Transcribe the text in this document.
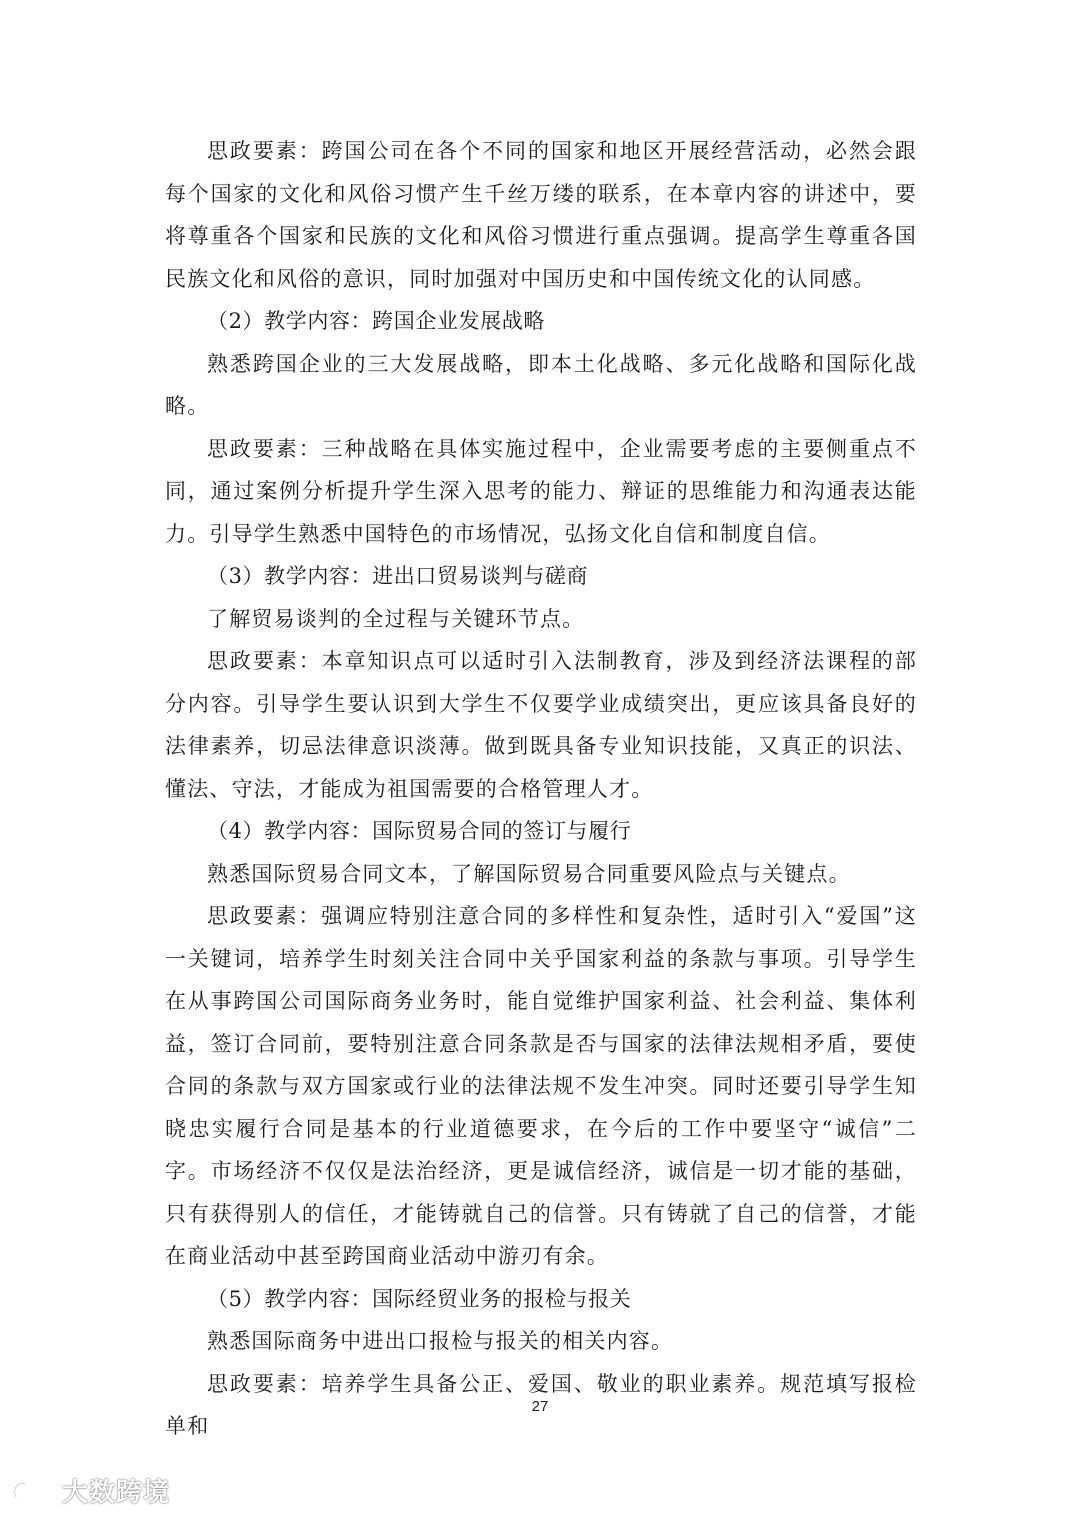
思政要素：跨国公司在各个不同的国家和地区开展经营活动，必然会跟每个国家的文化和风俗习惯产生千丝万缕的联系，在本章内容的讲述中，要将尊重各个国家和民族的文化和风俗习惯进行重点强调。提高学生尊重各国民族文化和风俗的意识，同时加强对中国历史和中国传统文化的认同感。

（2）教学内容：跨国企业发展战略

熟悉跨国企业的三大发展战略，即本土化战略、多元化战略和国际化战略。

思政要素：三种战略在具体实施过程中，企业需要考虑的主要侧重点不同，通过案例分析提升学生深入思考的能力、辩证的思维能力和沟通表达能力。引导学生熟悉中国特色的市场情况，弘扬文化自信和制度自信。

（3）教学内容：进出口贸易谈判与磋商

了解贸易谈判的全过程与关键环节点。

思政要素：本章知识点可以适时引入法制教育，涉及到经济法课程的部分内容。引导学生要认识到大学生不仅要学业成绩突出，更应该具备良好的法律素养，切忌法律意识淡薄。做到既具备专业知识技能，又真正的识法、懂法、守法，才能成为祖国需要的合格管理人才。

（4）教学内容：国际贸易合同的签订与履行

熟悉国际贸易合同文本，了解国际贸易合同重要风险点与关键点。

思政要素：强调应特别注意合同的多样性和复杂性，适时引入“爱国”这一关键词，培养学生时刻关注合同中关乎国家利益的条款与事项。引导学生在从事跨国公司国际商务业务时，能自觉维护国家利益、社会利益、集体利益，签订合同前，要特别注意合同条款是否与国家的法律法规相矛盾，要使合同的条款与双方国家或行业的法律法规不发生冲突。同时还要引导学生知晓忠实履行合同是基本的行业道德要求，在今后的工作中要坚守“诚信”二字。市场经济不仅仅是法治经济，更是诚信经济，诚信是一切才能的基础，只有获得别人的信任，才能铸就自己的信誉。只有铸就了自己的信誉，才能在商业活动中甚至跨国商业活动中游刃有余。

（5）教学内容：国际经贸业务的报检与报关

熟悉国际商务中进出口报检与报关的相关内容。

思政要素：培养学生具备公正、爱国、敬业的职业素养。规范填写报检单和

27
大数跨境
